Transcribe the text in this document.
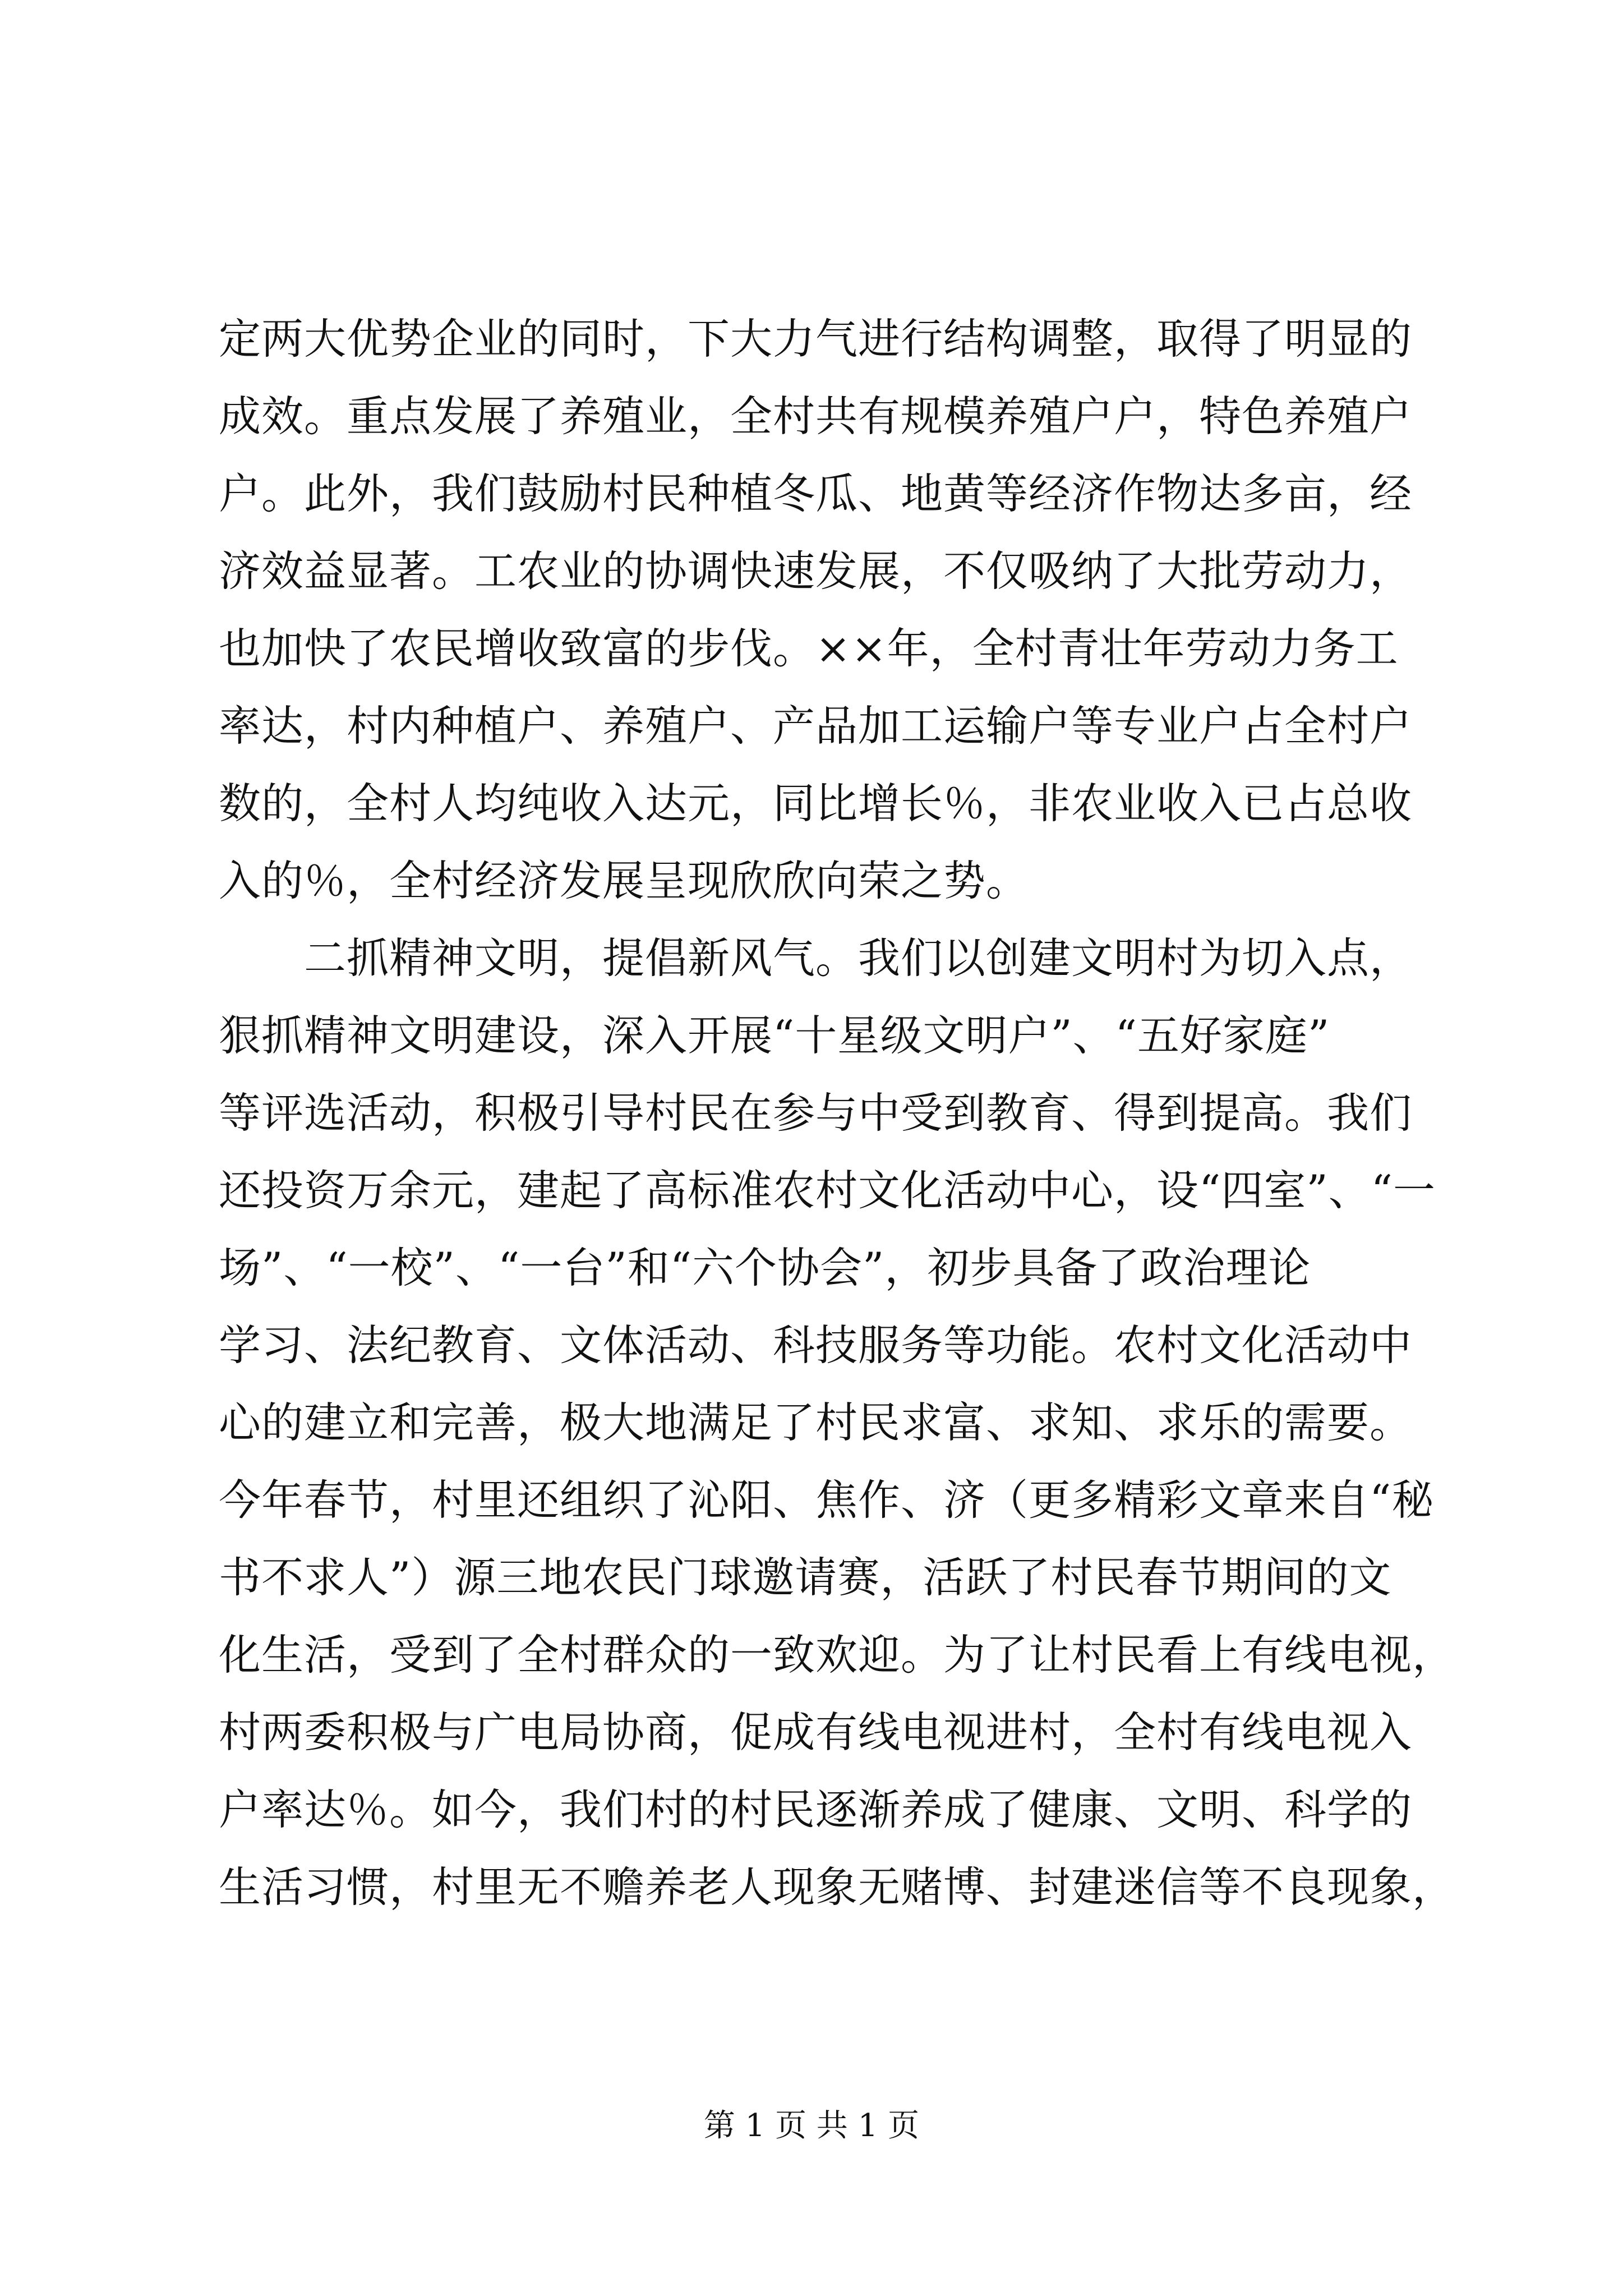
定两大优势企业的同时，下大力气进行结构调整，取得了明显的
成效。重点发展了养殖业，全村共有规模养殖户户，特色养殖户
户。此外，我们鼓励村民种植冬瓜、地黄等经济作物达多亩，经
济效益显著。工农业的协调快速发展，不仅吸纳了大批劳动力，
也加快了农民增收致富的步伐。××年，全村青壮年劳动力务工
率达，村内种植户、养殖户、产品加工运输户等专业户占全村户
数的，全村人均纯收入达元，同比增长％，非农业收入已占总收
入的％，全村经济发展呈现欣欣向荣之势。
　　二抓精神文明，提倡新风气。我们以创建文明村为切入点，
狠抓精神文明建设，深入开展“十星级文明户”、“五好家庭”
等评选活动，积极引导村民在参与中受到教育、得到提高。我们
还投资万余元，建起了高标准农村文化活动中心，设“四室”、“一
场”、“一校”、“一台”和“六个协会”，初步具备了政治理论
学习、法纪教育、文体活动、科技服务等功能。农村文化活动中
心的建立和完善，极大地满足了村民求富、求知、求乐的需要。
今年春节，村里还组织了沁阳、焦作、济（更多精彩文章来自“秘
书不求人”）源三地农民门球邀请赛，活跃了村民春节期间的文
化生活，受到了全村群众的一致欢迎。为了让村民看上有线电视，
村两委积极与广电局协商，促成有线电视进村，全村有线电视入
户率达％。如今，我们村的村民逐渐养成了健康、文明、科学的
生活习惯，村里无不赡养老人现象无赌博、封建迷信等不良现象，
第 1 页 共 1 页
